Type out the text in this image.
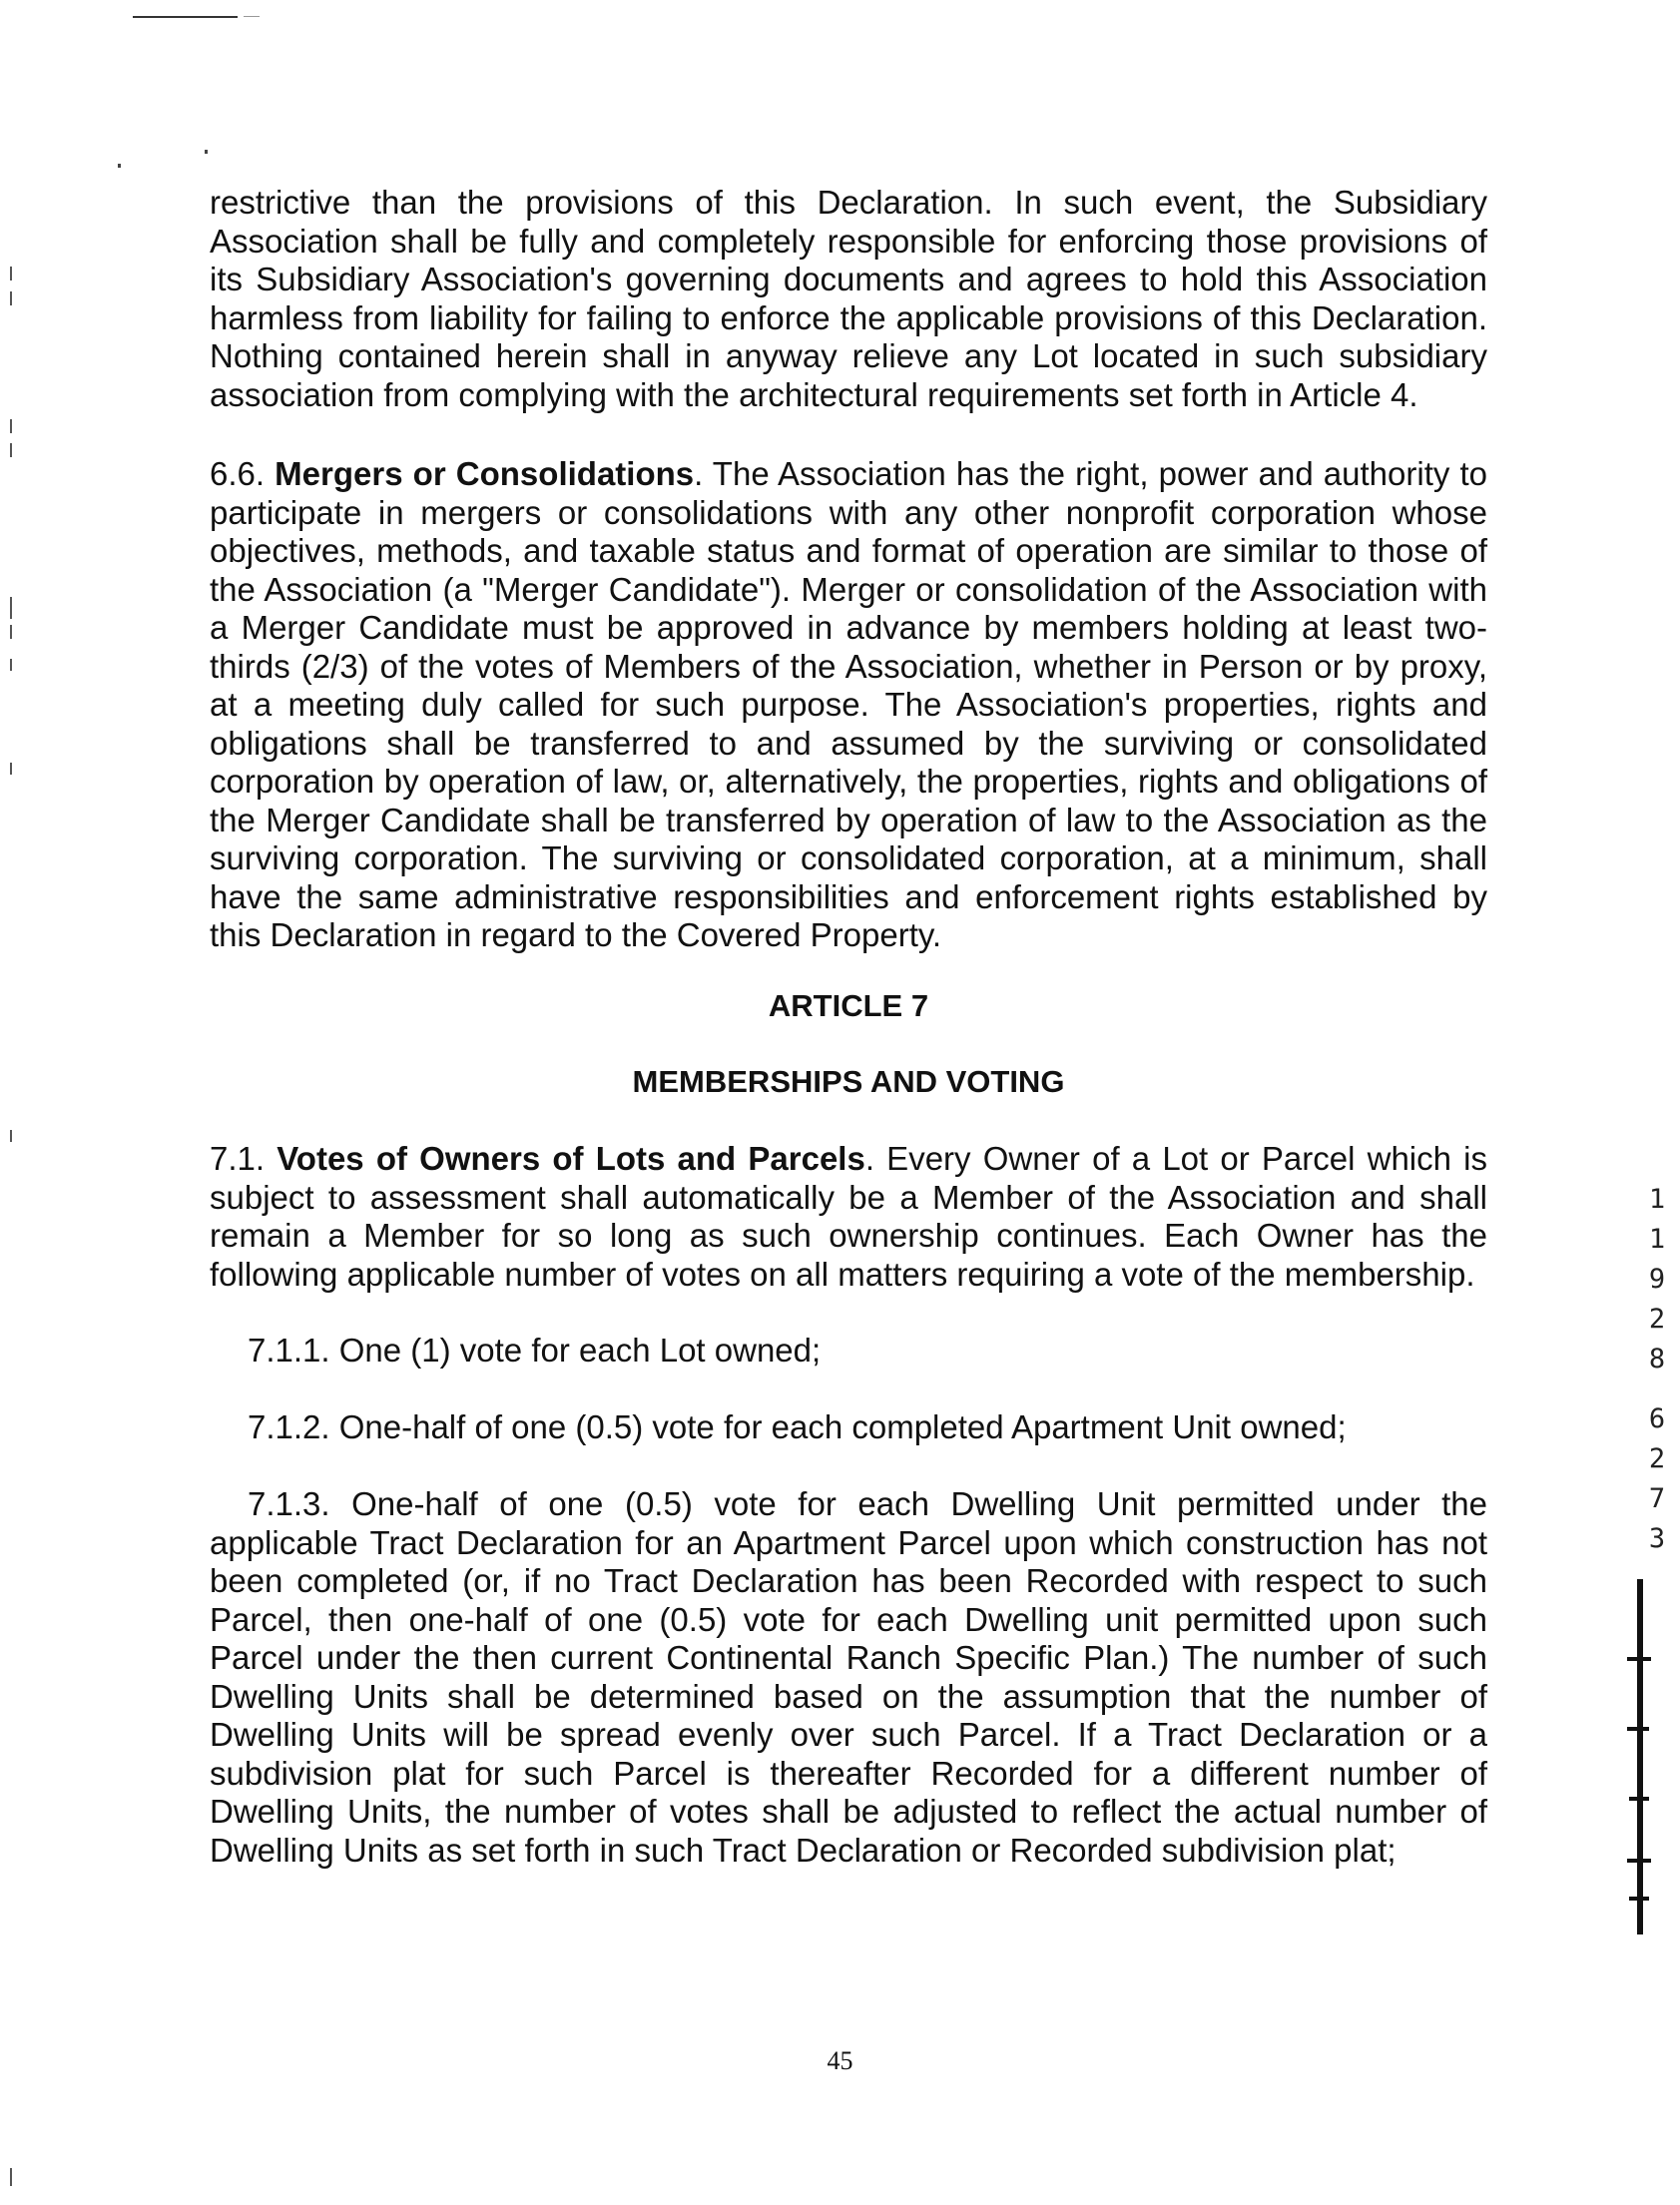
restrictive than the provisions of this Declaration. In such event, the Subsidiary Association shall be fully and completely responsible for enforcing those provisions of its Subsidiary Association's governing documents and agrees to hold this Association harmless from liability for failing to enforce the applicable provisions of this Declaration. Nothing contained herein shall in anyway relieve any Lot located in such subsidiary association from complying with the architectural requirements set forth in Article 4.

6.6. Mergers or Consolidations. The Association has the right, power and authority to participate in mergers or consolidations with any other nonprofit corporation whose objectives, methods, and taxable status and format of operation are similar to those of the Association (a "Merger Candidate"). Merger or consolidation of the Association with a Merger Candidate must be approved in advance by members holding at least two-thirds (2/3) of the votes of Members of the Association, whether in Person or by proxy, at a meeting duly called for such purpose. The Association's properties, rights and obligations shall be transferred to and assumed by the surviving or consolidated corporation by operation of law, or, alternatively, the properties, rights and obligations of the Merger Candidate shall be transferred by operation of law to the Association as the surviving corporation. The surviving or consolidated corporation, at a minimum, shall have the same administrative responsibilities and enforcement rights established by this Declaration in regard to the Covered Property.

ARTICLE 7
MEMBERSHIPS AND VOTING

7.1. Votes of Owners of Lots and Parcels. Every Owner of a Lot or Parcel which is subject to assessment shall automatically be a Member of the Association and shall remain a Member for so long as such ownership continues. Each Owner has the following applicable number of votes on all matters requiring a vote of the membership.

7.1.1. One (1) vote for each Lot owned;

7.1.2. One-half of one (0.5) vote for each completed Apartment Unit owned;

7.1.3. One-half of one (0.5) vote for each Dwelling Unit permitted under the applicable Tract Declaration for an Apartment Parcel upon which construction has not been completed (or, if no Tract Declaration has been Recorded with respect to such Parcel, then one-half of one (0.5) vote for each Dwelling unit permitted upon such Parcel under the then current Continental Ranch Specific Plan.) The number of such Dwelling Units shall be determined based on the assumption that the number of Dwelling Units will be spread evenly over such Parcel. If a Tract Declaration or a subdivision plat for such Parcel is thereafter Recorded for a different number of Dwelling Units, the number of votes shall be adjusted to reflect the actual number of Dwelling Units as set forth in such Tract Declaration or Recorded subdivision plat;

1
1
9
2
8
6
2
7
3
45
